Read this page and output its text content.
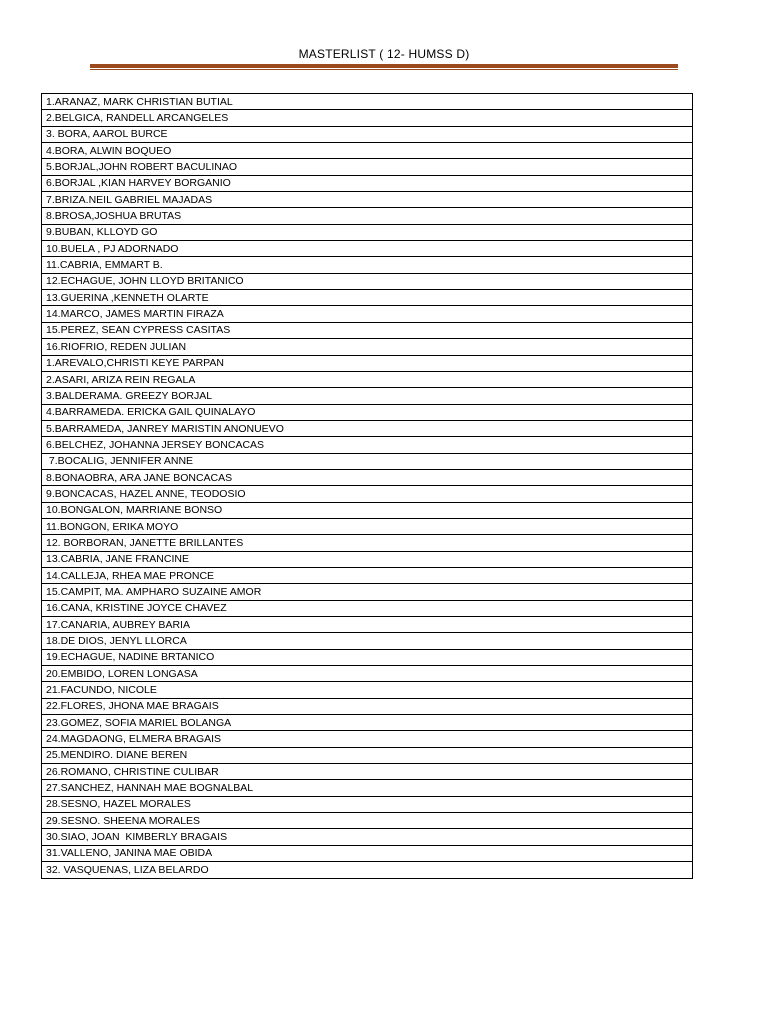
MASTERLIST ( 12- HUMSS D)
1.ARANAZ, MARK CHRISTIAN BUTIAL
2.BELGICA, RANDELL ARCANGELES
3. BORA, AAROL BURCE
4.BORA, ALWIN BOQUEO
5.BORJAL,JOHN ROBERT BACULINAO
6.BORJAL ,KIAN HARVEY BORGANIO
7.BRIZA.NEIL GABRIEL MAJADAS
8.BROSA,JOSHUA BRUTAS
9.BUBAN, KLLOYD GO
10.BUELA , PJ ADORNADO
11.CABRIA, EMMART B.
12.ECHAGUE, JOHN LLOYD BRITANICO
13.GUERINA ,KENNETH OLARTE
14.MARCO, JAMES MARTIN FIRAZA
15.PEREZ, SEAN CYPRESS CASITAS
16.RIOFRIO, REDEN JULIAN
1.AREVALO,CHRISTI KEYE PARPAN
2.ASARI, ARIZA REIN REGALA
3.BALDERAMA. GREEZY BORJAL
4.BARRAMEDA. ERICKA GAIL QUINALAYO
5.BARRAMEDA, JANREY MARISTIN ANONUEVO
6.BELCHEZ, JOHANNA JERSEY BONCACAS
7.BOCALIG, JENNIFER ANNE
8.BONAOBRA, ARA JANE BONCACAS
9.BONCACAS, HAZEL ANNE, TEODOSIO
10.BONGALON, MARRIANE BONSO
11.BONGON, ERIKA MOYO
12. BORBORAN, JANETTE BRILLANTES
13.CABRIA, JANE FRANCINE
14.CALLEJA, RHEA MAE PRONCE
15.CAMPIT, MA. AMPHARO SUZAINE AMOR
16.CANA, KRISTINE JOYCE CHAVEZ
17.CANARIA, AUBREY BARIA
18.DE DIOS, JENYL LLORCA
19.ECHAGUE, NADINE BRTANICO
20.EMBIDO, LOREN LONGASA
21.FACUNDO, NICOLE
22.FLORES, JHONA MAE BRAGAIS
23.GOMEZ, SOFIA MARIEL BOLANGA
24.MAGDAONG, ELMERA BRAGAIS
25.MENDIRO. DIANE BEREN
26.ROMANO, CHRISTINE CULIBAR
27.SANCHEZ, HANNAH MAE BOGNALBAL
28.SESNO, HAZEL MORALES
29.SESNO. SHEENA MORALES
30.SIAO, JOAN  KIMBERLY BRAGAIS
31.VALLENO, JANINA MAE OBIDA
32. VASQUENAS, LIZA BELARDO
